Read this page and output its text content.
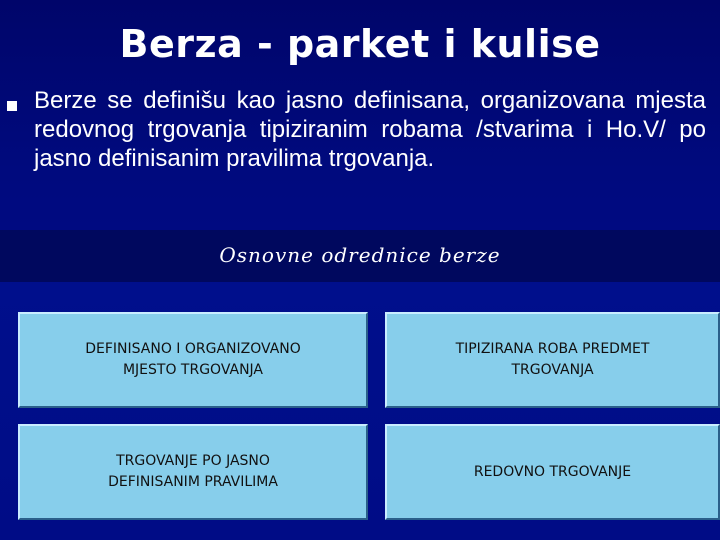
Berza - parket i kulise
Berze se definišu kao jasno definisana, organizovana mjesta redovnog trgovanja tipiziranim robama /stvarima i Ho.V/ po jasno definisanim pravilima trgovanja.
Osnovne odrednice berze
DEFINISANO I ORGANIZOVANO
MJESTO TRGOVANJA
TIPIZIRANA ROBA PREDMET
TRGOVANJA
TRGOVANJE PO JASNO
DEFINISANIM PRAVILIMA
REDOVNO TRGOVANJE
